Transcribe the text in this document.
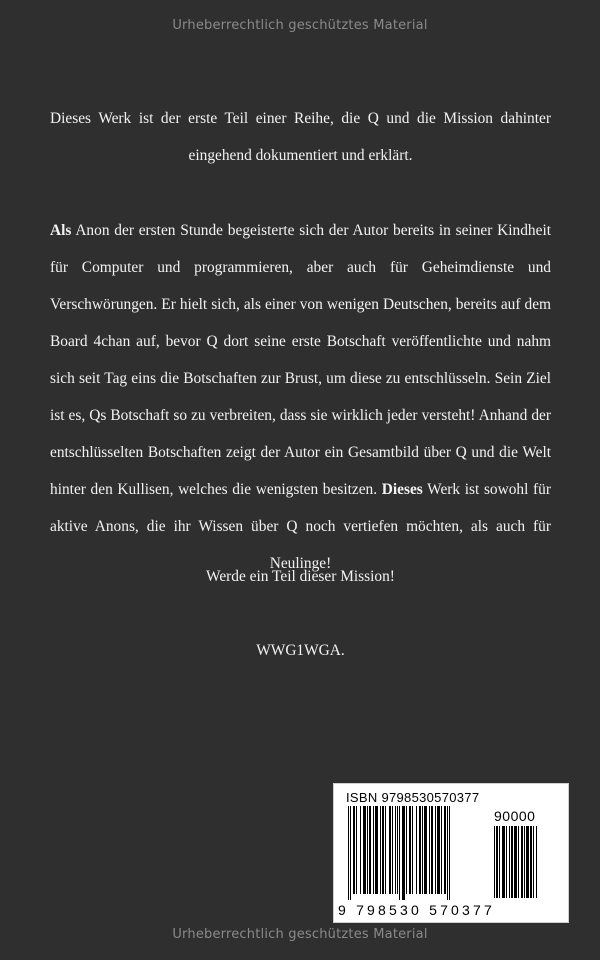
Urheberrechtlich geschütztes Material
Dieses Werk ist der erste Teil einer Reihe, die Q und die Mission dahinter eingehend dokumentiert und erklärt.
Als Anon der ersten Stunde begeisterte sich der Autor bereits in seiner Kindheit für Computer und programmieren, aber auch für Geheimdienste und Verschwörungen. Er hielt sich, als einer von wenigen Deutschen, bereits auf dem Board 4chan auf, bevor Q dort seine erste Botschaft veröffentlichte und nahm sich seit Tag eins die Botschaften zur Brust, um diese zu entschlüsseln. Sein Ziel ist es, Qs Botschaft so zu verbreiten, dass sie wirklich jeder versteht! Anhand der entschlüsselten Botschaften zeigt der Autor ein Gesamtbild über Q und die Welt hinter den Kullisen, welches die wenigsten besitzen. Dieses Werk ist sowohl für aktive Anons, die ihr Wissen über Q noch vertiefen möchten, als auch für Neulinge!
Werde ein Teil dieser Mission!
WWG1WGA.
ISBN 9798530570377
90000
9 798530 570377
Urheberrechtlich geschütztes Material
